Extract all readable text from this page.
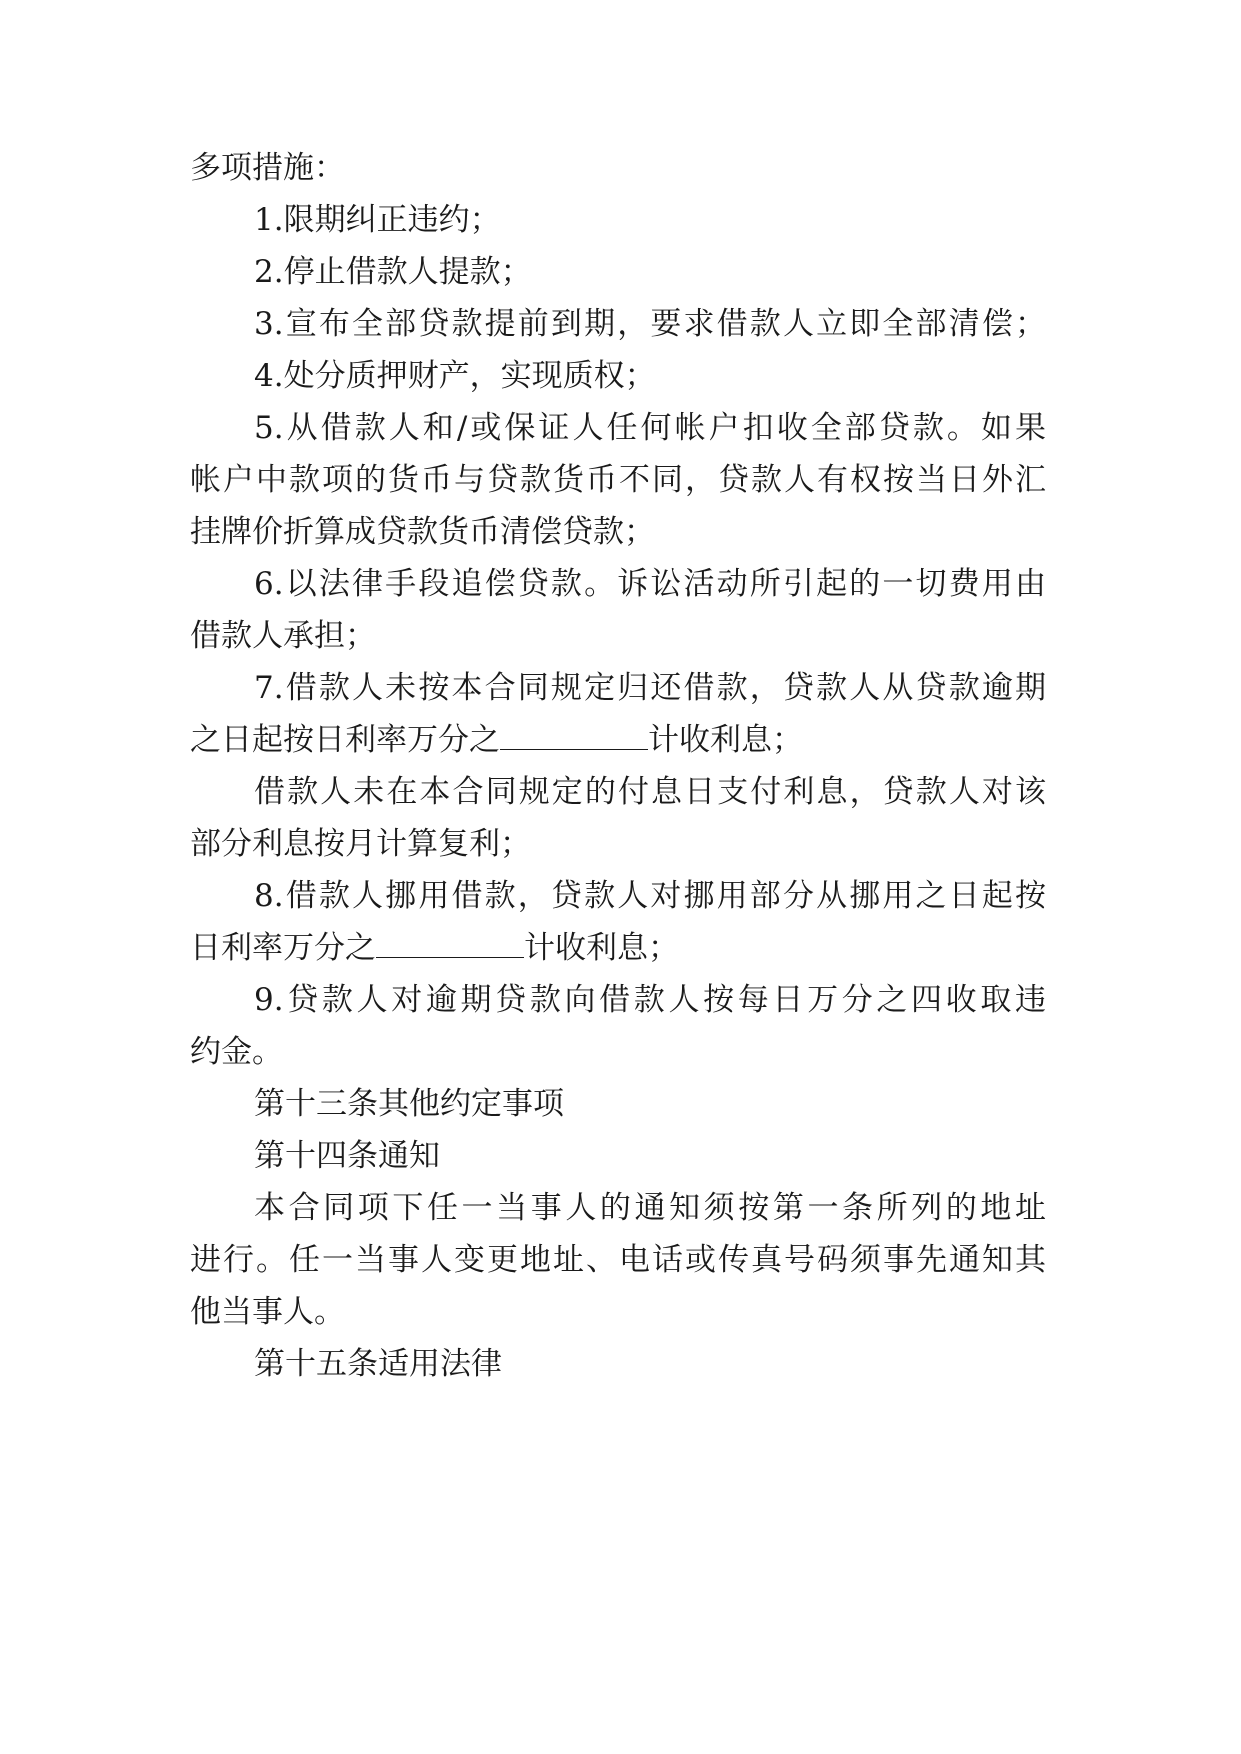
多项措施：
1.限期纠正违约；
2.停止借款人提款；
3.宣布全部贷款提前到期，要求借款人立即全部清偿；
4.处分质押财产，实现质权；
5.从借款人和/或保证人任何帐户扣收全部贷款。如果
帐户中款项的货币与贷款货币不同，贷款人有权按当日外汇
挂牌价折算成贷款货币清偿贷款；
6.以法律手段追偿贷款。诉讼活动所引起的一切费用由
借款人承担；
7.借款人未按本合同规定归还借款，贷款人从贷款逾期
之日起按日利率万分之	计收利息；
借款人未在本合同规定的付息日支付利息，贷款人对该
部分利息按月计算复利；
8.借款人挪用借款，贷款人对挪用部分从挪用之日起按
日利率万分之	计收利息；
9.贷款人对逾期贷款向借款人按每日万分之四收取违
约金。
第十三条其他约定事项
第十四条通知
本合同项下任一当事人的通知须按第一条所列的地址
进行。任一当事人变更地址、电话或传真号码须事先通知其
他当事人。
第十五条适用法律
